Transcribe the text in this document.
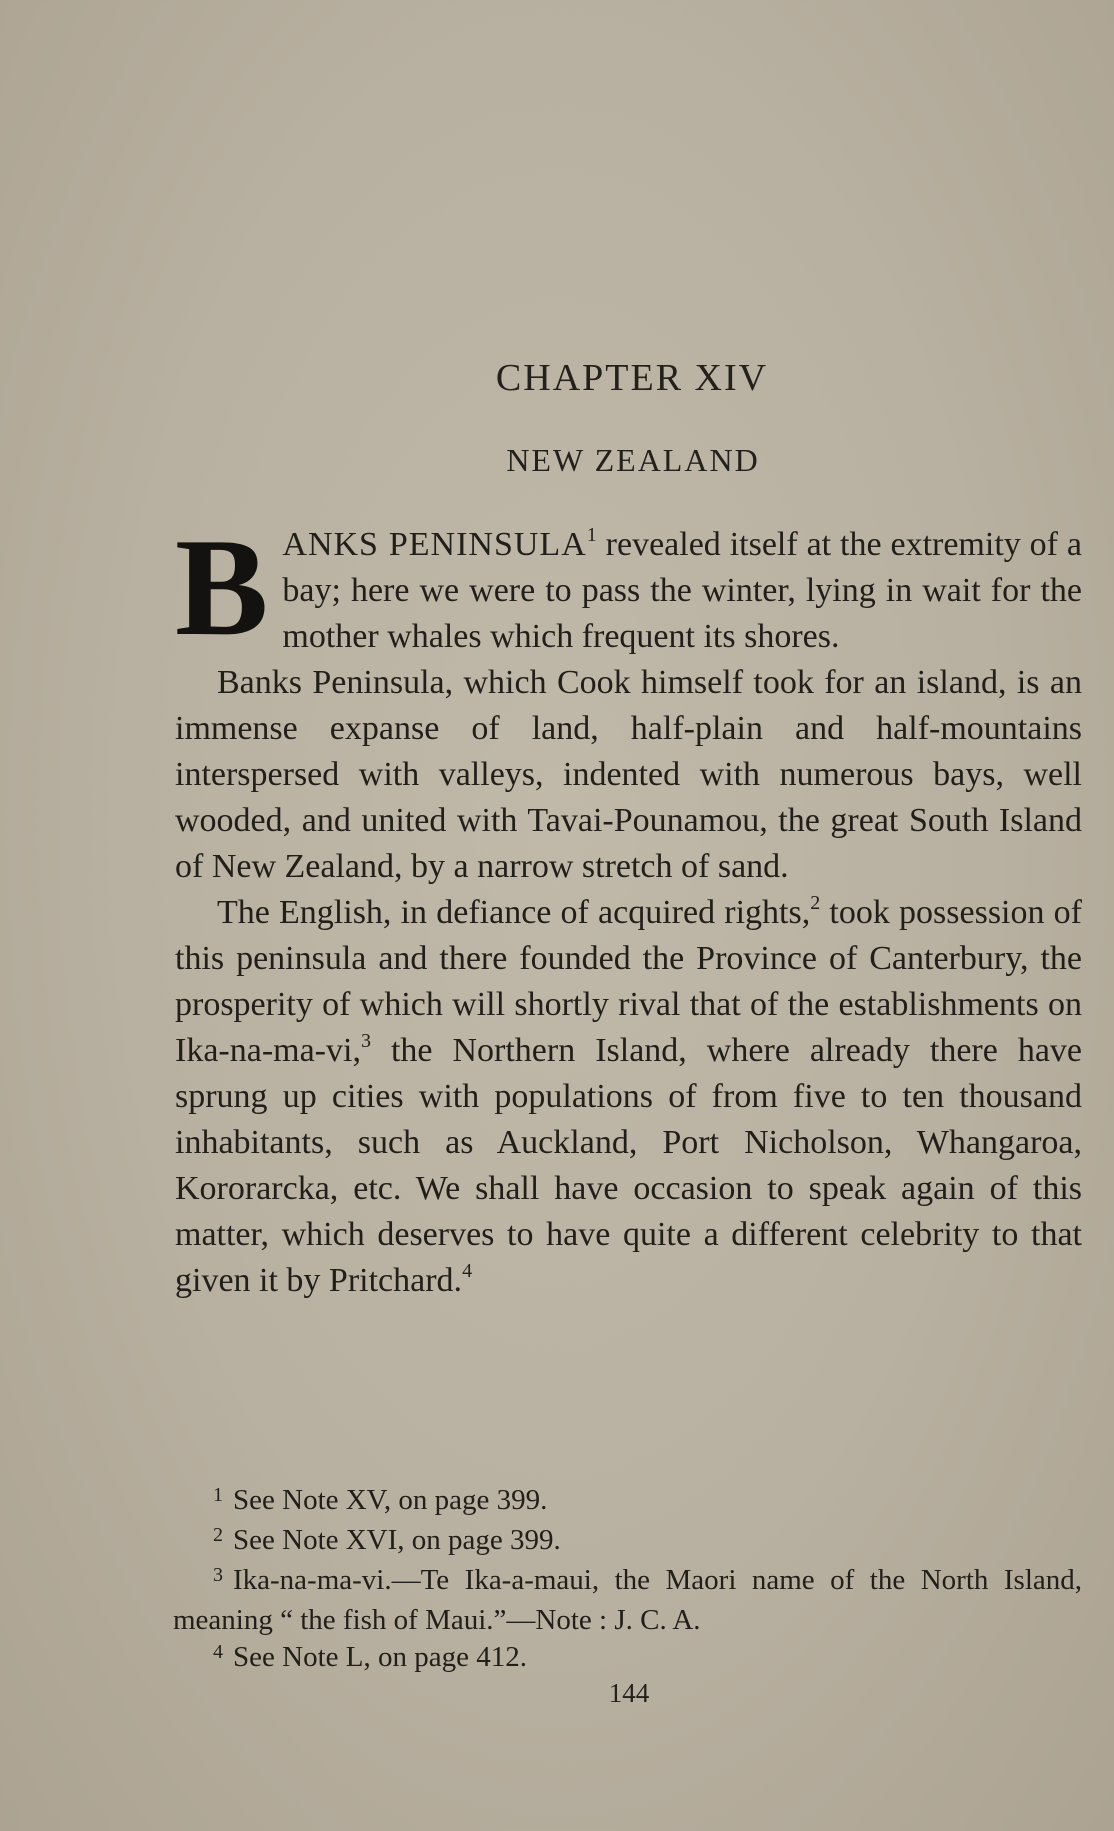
CHAPTER XIV
NEW ZEALAND

BANKS PENINSULA$^1$ revealed itself at the extremity of a bay; here we were to pass the winter, lying in wait for the mother whales which frequent its shores.

Banks Peninsula, which Cook himself took for an island, is an immense expanse of land, half-plain and half-mountains interspersed with valleys, indented with numerous bays, well wooded, and united with Tavai-Pounamou, the great South Island of New Zealand, by a narrow stretch of sand.

The English, in defiance of acquired rights,$^2$ took possession of this peninsula and there founded the Province of Canterbury, the prosperity of which will shortly rival that of the establishments on Ika-na-ma-vi,$^3$ the Northern Island, where already there have sprung up cities with populations of from five to ten thousand inhabitants, such as Auckland, Port Nicholson, Whangaroa, Kororarcka, etc. We shall have occasion to speak again of this matter, which deserves to have quite a different celebrity to that given it by Pritchard.$^4$

$^1$ See Note XV, on page 399.

$^2$ See Note XVI, on page 399.

$^3$ Ika-na-ma-vi.—Te Ika-a-maui, the Maori name of the North Island, meaning “ the fish of Maui.”—Note : J. C. A.

$^4$ See Note L, on page 412.

144
